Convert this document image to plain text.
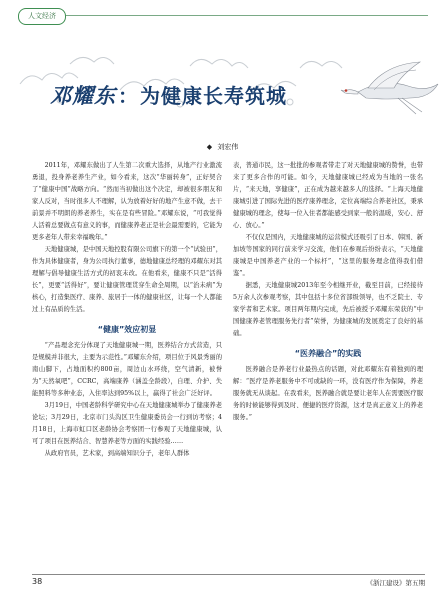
人文经济
邓耀东 ： 为健康长寿筑城
◆ 刘宏伟

2011年，邓耀东做出了人生第二次重大选择，从地产行业激流勇退，投身养老养生产业，如今看来，这次“华丽转身”，正好契合了“健康中国”战略方向。“然而当初做出这个决定，却被很多朋友和家人反对，当时很多人不理解，认为放着好好的地产生意不做，去干前景并不明朗的养老养生，实在是有些冒险。”邓耀东说，“可我觉得人活着总要做点有意义的事，而健康养老正是社会最需要的，它能为更多老年人带来幸福晚年。”

天地健康城，是中国天地控股有限公司旗下的第一个“试验田”，作为具体健康者，身为公司执行董事，德地健康总经理的邓耀东对其理解与倡导健康生活方式的初衷未改。在他看来，健康不只是“活得长”，更要“活得好”，要让健康管理贯穿生命全周期，以“治未病”为核心，打造集医疗、康养、旅居于一体的健康社区，让每一个人都能过上有品质的生活。

“健康”效应初显

“产品理念充分体现了天地健康城一期，医养结合方式营造，只是规模并非很大，主要为示范性。”邓耀东介绍，项目位于风景秀丽的南山脚下，占地面积约800亩，周边山水环绕，空气清新，被誉为“天然氧吧”，CCRC，高端康养（涵盖全龄段），自理、介护、失能照料等多种业态，入住率达到95%以上，赢得了社会广泛好评。

3月19日，中国老龄科学研究中心在天地健康城举办了健康养老论坛；3月29日，北京市门头沟区卫生健康委员会一行到访考察；4月18日，上海市虹口区老龄协会考察团一行参观了天地健康城，认可了项目在医养结合、智慧养老等方面的实践经验……

从政府官员，艺术家，到高端知识分子，老年人群体

表，普通市民，这一批批的参观者带走了对天地健康城的赞誉，也带来了更多合作的可能。如今，天地健康城已经成为当地的一张名片，“来天地，享健康”，正在成为越来越多人的选择。“上海天地健康城引进了国际先进的医疗康养理念，定位高端综合养老社区，秉承健康城的理念，使每一位入住者都能感受到家一般的温暖，安心、舒心、放心。”

不仅仅是国内，天地健康城的运营模式还吸引了日本、韩国、新加坡等国家的同行前来学习交流，他们在参观后纷纷表示，“天地健康城是中国养老产业的一个标杆”，“这里的服务理念值得我们借鉴”。

据悉，天地健康城2013年至今相继开业，截至目前，已经接待5万余人次参观考察，其中包括十多位省部级领导，也不乏院士、专家学者和艺术家。项目两年期内完成，先后被授予邓耀东荣获的“中国健康养老管理服务先行者”荣誉，为健康城的发展奠定了良好的基础。

“医养融合”的实践

医养融合是养老行业最热点的话题，对此邓耀东有着独到的理解：“医疗是养老服务中不可或缺的一环，没有医疗作为保障，养老服务就无从谈起。在我看来，医养融合就是要让老年人在需要医疗服务的时候能够得到及时、便捷的医疗资源，这才是真正意义上的养老服务。”

38	《浙江建设》第五期
